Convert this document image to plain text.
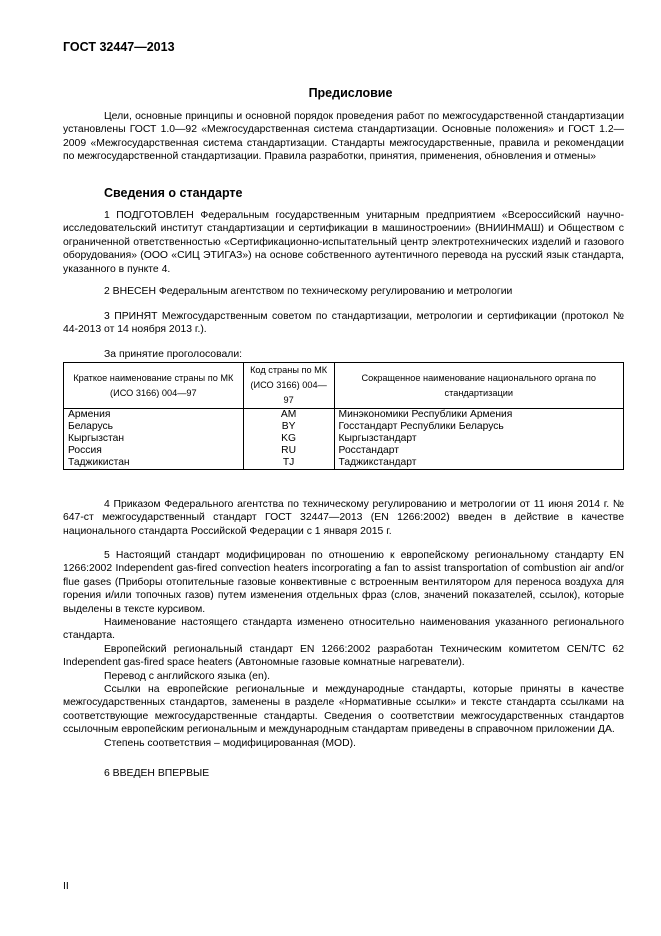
ГОСТ 32447—2013
Предисловие

Цели, основные принципы и основной порядок проведения работ по межгосударственной стандартизации установлены ГОСТ 1.0—92 «Межгосударственная система стандартизации. Основные положения» и ГОСТ 1.2—2009 «Межгосударственная система стандартизации. Стандарты межгосударственные, правила и рекомендации по межгосударственной стандартизации. Правила разработки, принятия, применения, обновления и отмены»

Сведения о стандарте

1 ПОДГОТОВЛЕН Федеральным государственным унитарным предприятием «Всероссийский научно-исследовательский институт стандартизации и сертификации в машиностроении» (ВНИИНМАШ) и Обществом с ограниченной ответственностью «Сертификационно-испытательный центр электротехнических изделий и газового оборудования» (ООО «СИЦ ЭТИГАЗ») на основе собственного аутентичного перевода на русский язык стандарта, указанного в пункте 4.

2 ВНЕСЕН Федеральным агентством по техническому регулированию и метрологии

3 ПРИНЯТ Межгосударственным советом по стандартизации, метрологии и сертификации (протокол № 44-2013 от 14 ноября 2013 г.).

За принятие проголосовали:

Краткое наименование страны по МК (ИСО 3166) 004—97	Код страны по МК (ИСО 3166) 004—97	Сокращенное наименование национального органа по стандартизации
Армения	AM	Минэкономики Республики Армения
Беларусь	BY	Госстандарт Республики Беларусь
Кыргызстан	KG	Кыргызстандарт
Россия	RU	Росстандарт
Таджикистан	TJ	Таджикстандарт

4 Приказом Федерального агентства по техническому регулированию и метрологии от 11 июня 2014 г. № 647-ст межгосударственный стандарт ГОСТ 32447—2013 (EN 1266:2002) введен в действие в качестве национального стандарта Российской Федерации с 1 января 2015 г.

5 Настоящий стандарт модифицирован по отношению к европейскому региональному стандарту EN 1266:2002 Independent gas-fired convection heaters incorporating a fan to assist transportation of combustion air and/or flue gases (Приборы отопительные газовые конвективные с встроенным вентилятором для переноса воздуха для горения и/или топочных газов) путем изменения отдельных фраз (слов, значений показателей, ссылок), которые выделены в тексте курсивом.

Наименование настоящего стандарта изменено относительно наименования указанного регионального стандарта.

Европейский региональный стандарт EN 1266:2002 разработан Техническим комитетом CEN/TC 62 Independent gas-fired space heaters (Автономные газовые комнатные нагреватели).

Перевод с английского языка (en).

Ссылки на европейские региональные и международные стандарты, которые приняты в качестве межгосударственных стандартов, заменены в разделе «Нормативные ссылки» и тексте стандарта ссылками на соответствующие межгосударственные стандарты. Сведения о соответствии межгосударственных стандартов ссылочным европейским региональным и международным стандартам приведены в справочном приложении ДА.

Степень соответствия – модифицированная (MOD).

6 ВВЕДЕН ВПЕРВЫЕ

II
